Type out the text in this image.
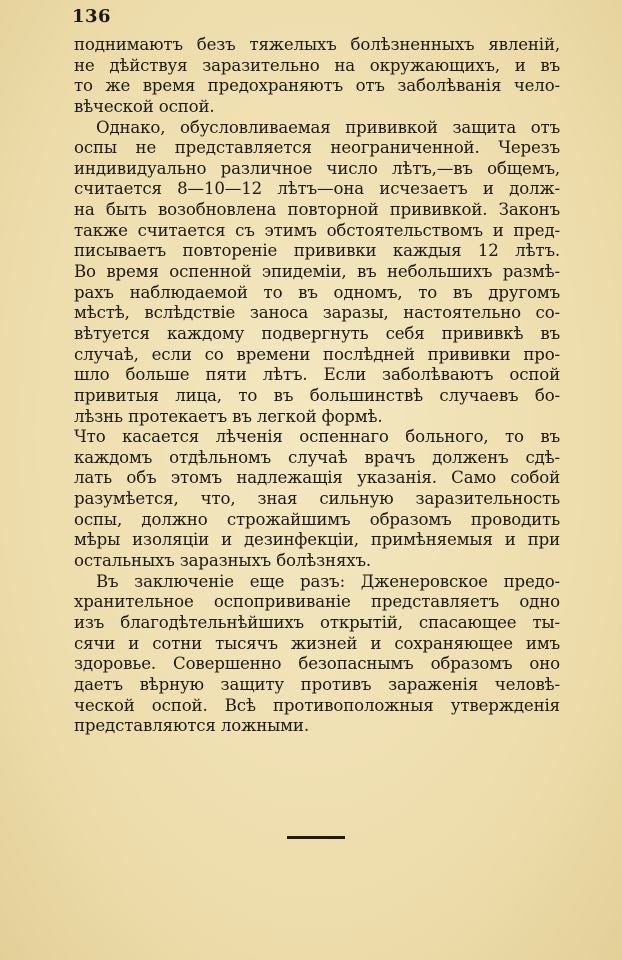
136
поднимаютъ безъ тяжелыхъ болѣзненныхъ явленій,
не дѣйствуя заразительно на окружающихъ, и въ
то же время предохраняютъ отъ заболѣванія чело-
вѣческой оспой.
Однако, обусловливаемая прививкой защита отъ
оспы не представляется неограниченной. Черезъ
индивидуально различное число лѣтъ,—въ общемъ,
считается 8—10—12 лѣтъ—она исчезаетъ и долж-
на быть возобновлена повторной прививкой. Законъ
также считается съ этимъ обстоятельствомъ и пред-
писываетъ повтореніе прививки каждыя 12 лѣтъ.
Во время оспенной эпидеміи, въ небольшихъ размѣ-
рахъ наблюдаемой то въ одномъ, то въ другомъ
мѣстѣ, вслѣдствіе заноса заразы, настоятельно со-
вѣтуется каждому подвергнуть себя прививкѣ въ
случаѣ, если со времени послѣдней прививки про-
шло больше пяти лѣтъ. Если заболѣваютъ оспой
привитыя лица, то въ большинствѣ случаевъ бо-
лѣзнь протекаетъ въ легкой формѣ.
Что касается лѣченія оспеннаго больного, то въ
каждомъ отдѣльномъ случаѣ врачъ долженъ сдѣ-
лать объ этомъ надлежащія указанія. Само собой
разумѣется, что, зная сильную заразительность
оспы, должно строжайшимъ образомъ проводить
мѣры изоляціи и дезинфекціи, примѣняемыя и при
остальныхъ заразныхъ болѣзняхъ.
Въ заключеніе еще разъ: Дженеровское предо-
хранительное оспопрививаніе представляетъ одно
изъ благодѣтельнѣйшихъ открытій, спасающее ты-
сячи и сотни тысячъ жизней и сохраняющее имъ
здоровье. Совершенно безопаснымъ образомъ оно
даетъ вѣрную защиту противъ зараженія человѣ-
ческой оспой. Всѣ противоположныя утвержденія
представляются ложными.
